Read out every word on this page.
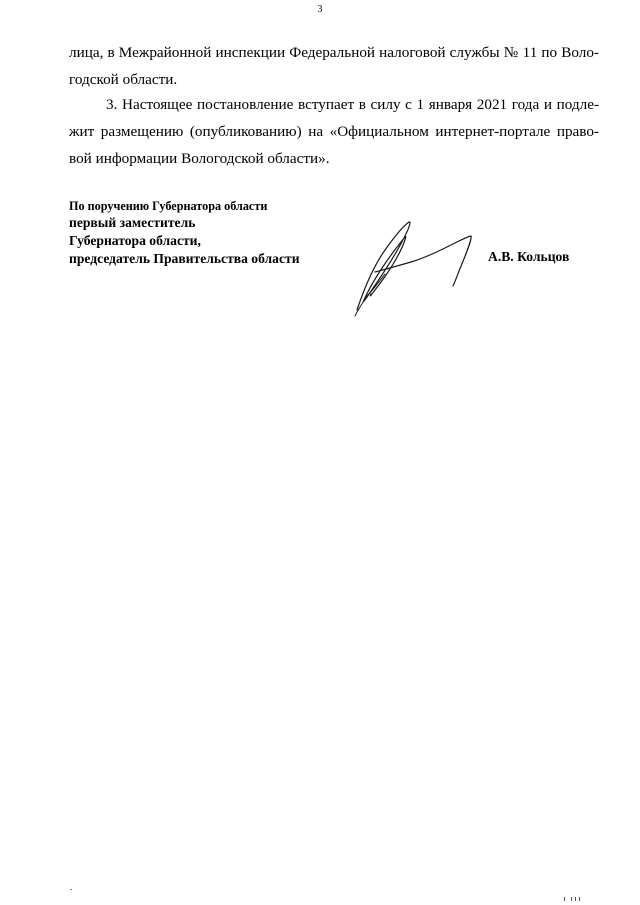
3
лица, в Межрайонной инспекции Федеральной налоговой службы № 11 по Воло-
годской области.
3. Настоящее постановление вступает в силу с 1 января 2021 года и подле-
жит размещению (опубликованию) на «Официальном интернет-портале право-
вой информации Вологодской области».
По поручению Губернатора области
первый заместитель
Губернатора области,
председатель Правительства области	А.В. Кольцов
